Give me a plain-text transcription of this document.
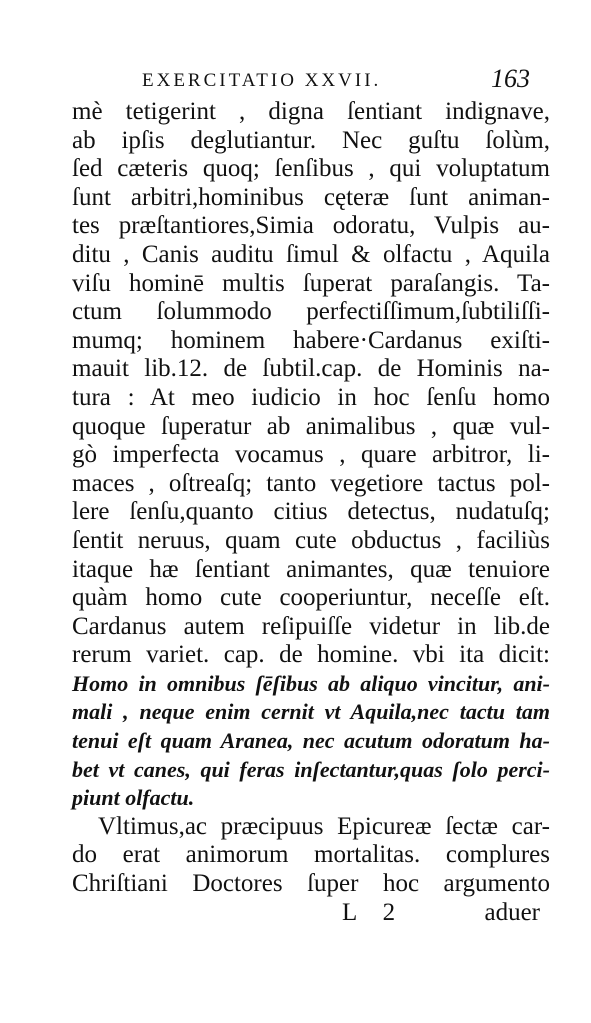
EXERCITATIO XXVII.	163
mè tetigerint , digna ſentiant indignave,
ab ipſis deglutiantur. Nec guſtu ſolùm,
ſed cæteris quoq; ſenſibus , qui voluptatum
ſunt arbitri,hominibus cęteræ ſunt animan-
tes præſtantiores,Simia odoratu, Vulpis au-
ditu , Canis auditu ſimul & olfactu , Aquila
viſu hominē multis ſuperat paraſangis. Ta-
ctum ſolummodo perfectiſſimum,ſubtiliſſi-
mumq; hominem habere·Cardanus exiſti-
mauit lib.12. de ſubtil.cap. de Hominis na-
tura : At meo iudicio in hoc ſenſu homo
quoque ſuperatur ab animalibus , quæ vul-
gò imperfecta vocamus , quare arbitror, li-
maces , oſtreaſq; tanto vegetiore tactus pol-
lere ſenſu,quanto citius detectus, nudatuſq;
ſentit neruus, quam cute obductus , faciliùs
itaque hæ ſentiant animantes, quæ tenuiore
quàm homo cute cooperiuntur, neceſſe eſt.
Cardanus autem reſipuiſſe videtur in lib.de
rerum variet. cap. de homine. vbi ita dicit:
Homo in omnibus ſēſibus ab aliquo vincitur, ani-
mali , neque enim cernit vt Aquila,nec tactu tam
tenui eſt quam Aranea, nec acutum odoratum ha-
bet vt canes, qui feras inſectantur,quas ſolo perci-
piunt olfactu.
Vltimus,ac præcipuus Epicureæ ſectæ car-
do erat animorum mortalitas. complures
Chriſtiani Doctores ſuper hoc argumento
L 2	aduer
